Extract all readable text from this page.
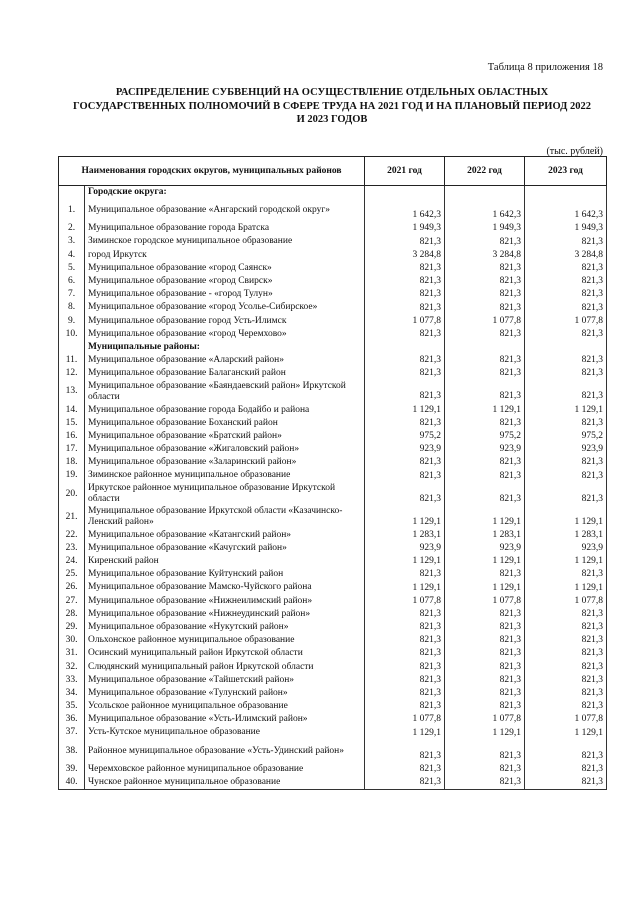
Таблица 8 приложения 18
РАСПРЕДЕЛЕНИЕ СУБВЕНЦИЙ НА ОСУЩЕСТВЛЕНИЕ ОТДЕЛЬНЫХ ОБЛАСТНЫХ
ГОСУДАРСТВЕННЫХ ПОЛНОМОЧИЙ В СФЕРЕ ТРУДА НА 2021 ГОД И НА ПЛАНОВЫЙ ПЕРИОД 2022
И 2023 ГОДОВ
(тыс. рублей)
Наименования городских округов, муниципальных районов		2021 год	2022 год	2023 год
	Городские округа:			
1.	Муниципальное образование «Ангарский городской округ»	1 642,3	1 642,3	1 642,3
2.	Муниципальное образование города Братска	1 949,3	1 949,3	1 949,3
3.	Зиминское городское муниципальное образование	821,3	821,3	821,3
4.	город Иркутск	3 284,8	3 284,8	3 284,8
5.	Муниципальное образование «город Саянск»	821,3	821,3	821,3
6.	Муниципальное образование «город Свирск»	821,3	821,3	821,3
7.	Муниципальное образование - «город Тулун»	821,3	821,3	821,3
8.	Муниципальное образование «город Усолье-Сибирское»	821,3	821,3	821,3
9.	Муниципальное образование город Усть-Илимск	1 077,8	1 077,8	1 077,8
10.	Муниципальное образование «город Черемхово»	821,3	821,3	821,3
	Муниципальные районы:			
11.	Муниципальное образование «Аларский район»	821,3	821,3	821,3
12.	Муниципальное образование Балаганский район	821,3	821,3	821,3
13.	Муниципальное образование «Баяндаевский район» Иркутской области	821,3	821,3	821,3
14.	Муниципальное образование города Бодайбо и района	1 129,1	1 129,1	1 129,1
15.	Муниципальное образование Боханский район	821,3	821,3	821,3
16.	Муниципальное образование «Братский район»	975,2	975,2	975,2
17.	Муниципальное образование «Жигаловский район»	923,9	923,9	923,9
18.	Муниципальное образование «Заларинский район»	821,3	821,3	821,3
19.	Зиминское районное муниципальное образование	821,3	821,3	821,3
20.	Иркутское районное муниципальное образование Иркутской области	821,3	821,3	821,3
21.	Муниципальное образование Иркутской области «Казачинско-Ленский район»	1 129,1	1 129,1	1 129,1
22.	Муниципальное образование «Катангский район»	1 283,1	1 283,1	1 283,1
23.	Муниципальное образование «Качугский район»	923,9	923,9	923,9
24.	Киренский район	1 129,1	1 129,1	1 129,1
25.	Муниципальное образование Куйтунский район	821,3	821,3	821,3
26.	Муниципальное образование Мамско-Чуйского района	1 129,1	1 129,1	1 129,1
27.	Муниципальное образование «Нижнеилимский район»	1 077,8	1 077,8	1 077,8
28.	Муниципальное образование «Нижнеудинский район»	821,3	821,3	821,3
29.	Муниципальное образование «Нукутский район»	821,3	821,3	821,3
30.	Ольхонское районное муниципальное образование	821,3	821,3	821,3
31.	Осинский муниципальный район Иркутской области	821,3	821,3	821,3
32.	Слюдянский муниципальный район Иркутской области	821,3	821,3	821,3
33.	Муниципальное образование «Тайшетский район»	821,3	821,3	821,3
34.	Муниципальное образование «Тулунский район»	821,3	821,3	821,3
35.	Усольское районное муниципальное образование	821,3	821,3	821,3
36.	Муниципальное образование «Усть-Илимский район»	1 077,8	1 077,8	1 077,8
37.	Усть-Кутское муниципальное образование	1 129,1	1 129,1	1 129,1
38.	Районное муниципальное образование «Усть-Удинский район»	821,3	821,3	821,3
39.	Черемховское районное муниципальное образование	821,3	821,3	821,3
40.	Чунское районное муниципальное образование	821,3	821,3	821,3
